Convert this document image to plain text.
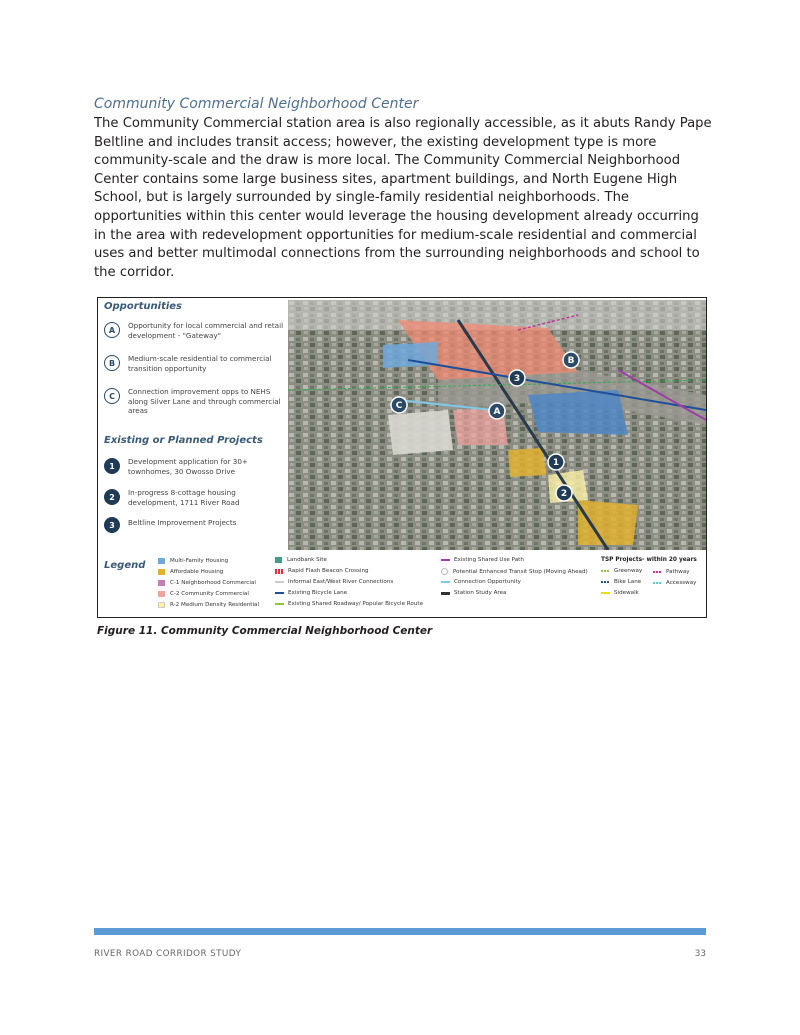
Community Commercial Neighborhood Center

The Community Commercial station area is also regionally accessible, as it abuts Randy Pape Beltline and includes transit access; however, the existing development type is more community-scale and the draw is more local. The Community Commercial Neighborhood Center contains some large business sites, apartment buildings, and North Eugene High School, but is largely surrounded by single-family residential neighborhoods. The opportunities within this center would leverage the housing development already occurring in the area with redevelopment opportunities for medium-scale residential and commercial uses and better multimodal connections from the surrounding neighborhoods and school to the corridor.

Opportunities
A	Opportunity for local commercial and retail development - "Gateway"
B	Medium-scale residential to commercial transition opportunity
C	Connection improvement opps to NEHS along Silver Lane and through commercial areas
Existing or Planned Projects
1	Development application for 30+ townhomes, 30 Owosso Drive
2	In-progress 8-cottage housing development, 1711 River Road
3	Beltline Improvement Projects
A
B
C
1
2
3
Legend	Multi-Family Housing
Affordable Housing
C-1 Neighborhood Commercial
C-2 Community Commercial
R-2 Medium Density Residential
Landbank Site
Rapid Flash Beacon Crossing
Informal East/West River Connections
Existing Bicycle Lane
Existing Shared Roadway/ Popular Bicycle Route
Existing Shared Use Path
Potential Enhanced Transit Stop (Moving Ahead)
Connection Opportunity
Station Study Area
TSP Projects- within 20 years
Greenway	Pathway
Bike Lane	Accessway
Sidewalk
Figure 11. Community Commercial Neighborhood Center
RIVER ROAD CORRIDOR STUDY	33
